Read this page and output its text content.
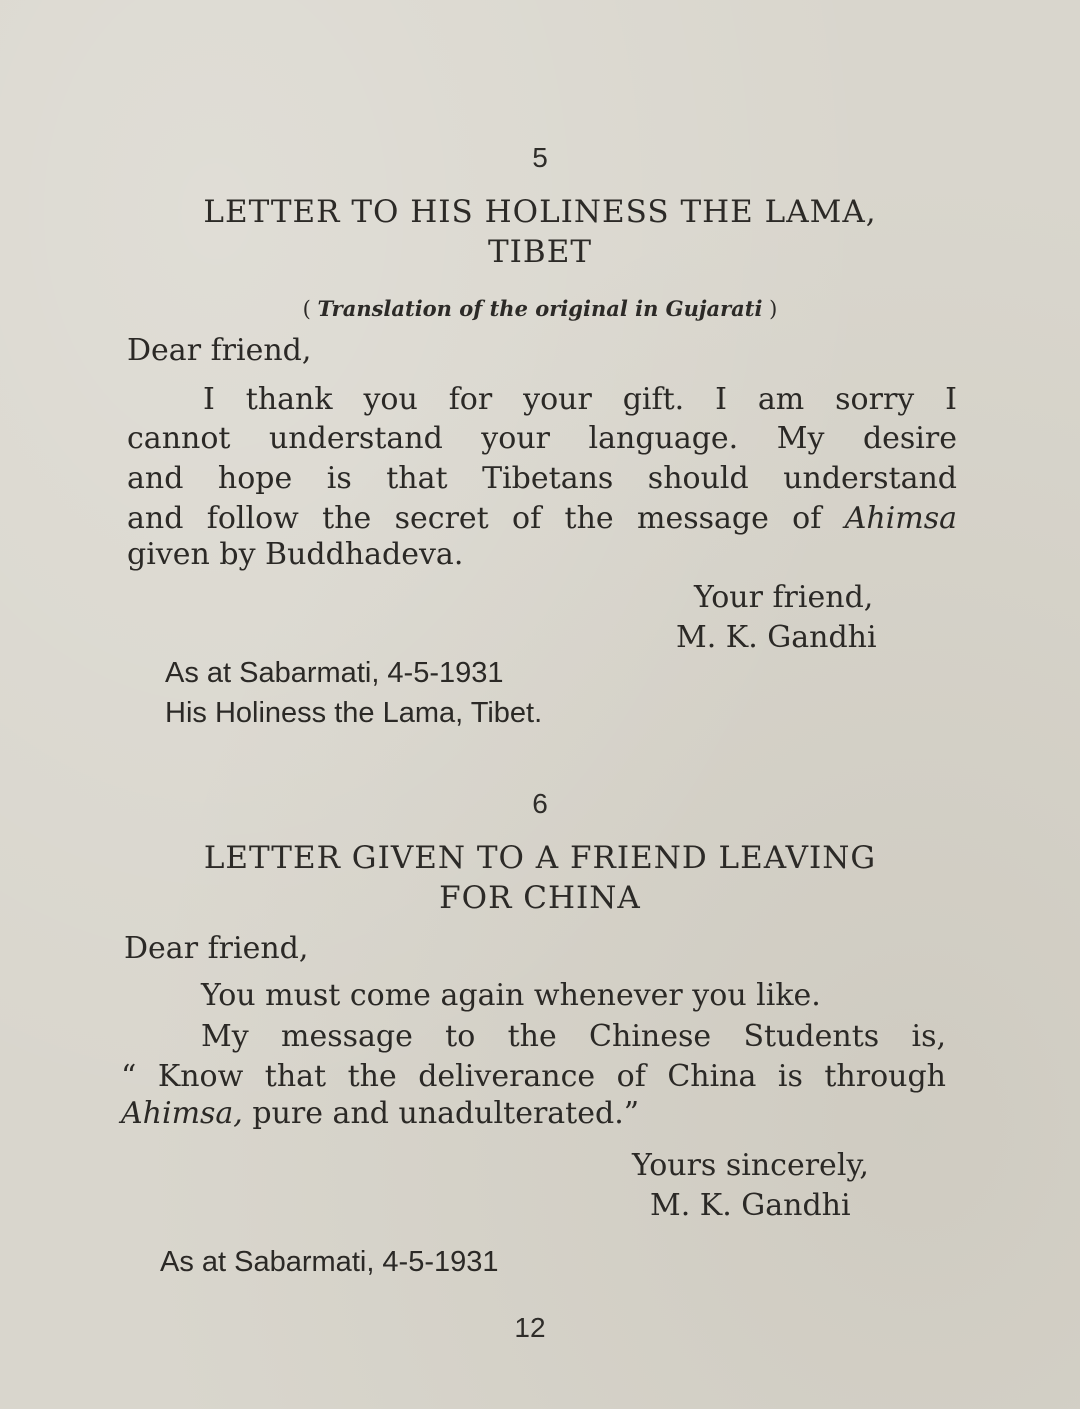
5
LETTER TO HIS HOLINESS THE LAMA,
TIBET
( Translation of the original in Gujarati )
Dear friend,
I thank you for your gift. I am sorry I
cannot understand your language. My desire
and hope is that Tibetans should understand
and follow the secret of the message of Ahimsa
given by Buddhadeva.
Your friend,
M. K. Gandhi
As at Sabarmati, 4-5-1931
His Holiness the Lama, Tibet.
6
LETTER GIVEN TO A FRIEND LEAVING
FOR CHINA
Dear friend,
You must come again whenever you like.
My message to the Chinese Students is,
“ Know that the deliverance of China is through
Ahimsa, pure and unadulterated.”
Yours sincerely,
M. K. Gandhi
As at Sabarmati, 4-5-1931
12
